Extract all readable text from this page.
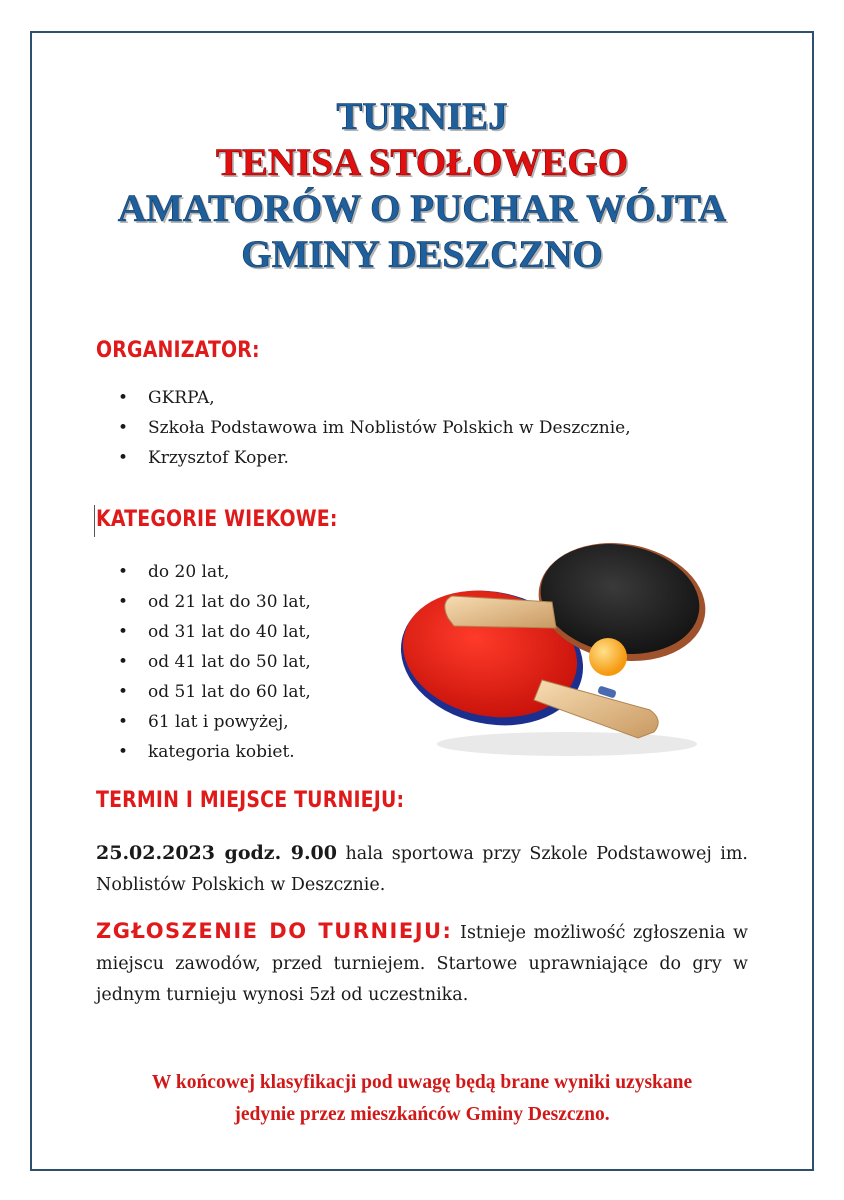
TURNIEJ
TENISA STOŁOWEGO
AMATORÓW O PUCHAR WÓJTA
GMINY DESZCZNO
ORGANIZATOR:
• GKRPA,
• Szkoła Podstawowa im Noblistów Polskich w Deszcznie,
• Krzysztof Koper.
KATEGORIE WIEKOWE:
• do 20 lat,
• od 21 lat do 30 lat,
• od 31 lat do 40 lat,
• od 41 lat do 50 lat,
• od 51 lat do 60 lat,
• 61 lat i powyżej,
• kategoria kobiet.
TERMIN I MIEJSCE TURNIEJU:
25.02.2023 godz. 9.00 hala sportowa przy Szkole Podstawowej im. Noblistów Polskich w Deszcznie.
ZGŁOSZENIE DO TURNIEJU: Istnieje możliwość zgłoszenia w miejscu zawodów, przed turniejem. Startowe uprawniające do gry w jednym turnieju wynosi 5zł od uczestnika.
W końcowej klasyfikacji pod uwagę będą brane wyniki uzyskane
jedynie przez mieszkańców Gminy Deszczno.
